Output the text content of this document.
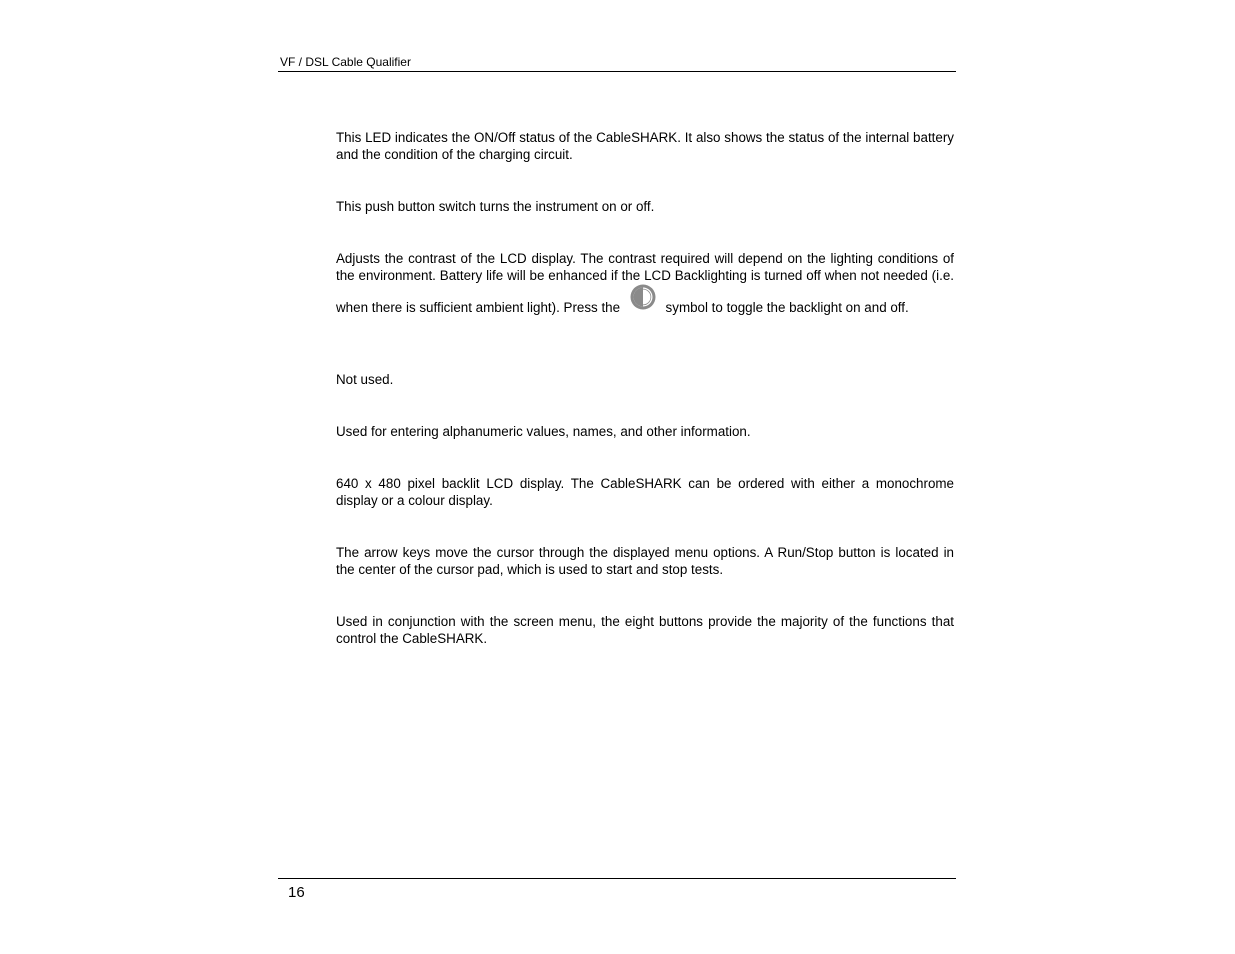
VF / DSL Cable Qualifier

This LED indicates the ON/Off status of the CableSHARK. It also shows the status of the internal battery and the condition of the charging circuit.

This push button switch turns the instrument on or off.

Adjusts the contrast of the LCD display. The contrast required will depend on the lighting conditions of the environment. Battery life will be enhanced if the LCD Backlighting is turned off when not needed (i.e. when there is sufficient ambient light). Press the	symbol to toggle the backlight on and off.

Not used.

Used for entering alphanumeric values, names, and other information.

640 x 480 pixel backlit LCD display. The CableSHARK can be ordered with either a monochrome display or a colour display.

The arrow keys move the cursor through the displayed menu options. A Run/Stop button is located in the center of the cursor pad, which is used to start and stop tests.

Used in conjunction with the screen menu, the eight buttons provide the majority of the functions that control the CableSHARK.

16
